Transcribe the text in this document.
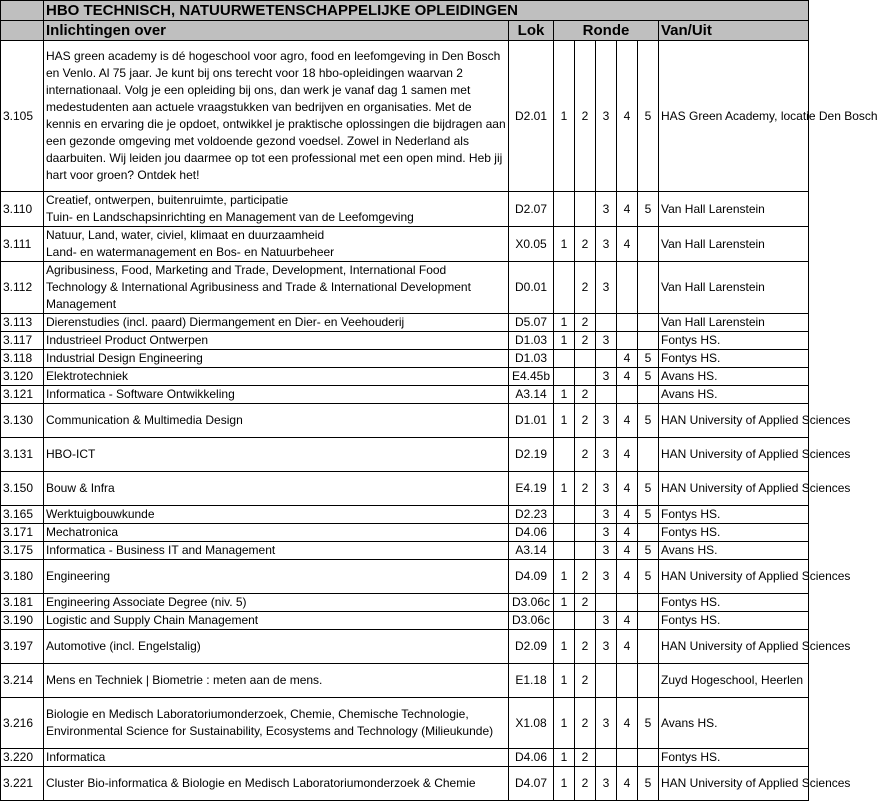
	HBO TECHNISCH, NATUURWETENSCHAPPELIJKE OPLEIDINGEN							
	Inlichtingen over	Lok	Ronde					Van/Uit
3.105	HAS green academy is dé hogeschool voor agro, food en leefomgeving in Den Bosch en Venlo. Al 75 jaar. Je kunt bij ons terecht voor 18 hbo-opleidingen waarvan 2 internationaal. Volg je een opleiding bij ons, dan werk je vanaf dag 1 samen met medestudenten aan actuele vraagstukken van bedrijven en organisaties. Met de kennis en ervaring die je opdoet, ontwikkel je praktische oplossingen die bijdragen aan een gezonde omgeving met voldoende gezond voedsel. Zowel in Nederland als daarbuiten. Wij leiden jou daarmee op tot een professional met een open mind. Heb jij hart voor groen? Ontdek het!	D2.01	1	2	3	4	5	HAS Green Academy, locatie Den Bosch
3.110	Creatief, ontwerpen, buitenruimte, participatie
Tuin- en Landschapsinrichting en Management van de Leefomgeving	D2.07			3	4	5	Van Hall Larenstein
3.111	Natuur, Land, water, civiel, klimaat en duurzaamheid
Land- en watermanagement en Bos- en Natuurbeheer	X0.05	1	2	3	4		Van Hall Larenstein
3.112	Agribusiness, Food, Marketing and Trade, Development, International Food Technology & International Agribusiness and Trade & International Development Management	D0.01		2	3			Van Hall Larenstein
3.113	Dierenstudies (incl. paard) Diermangement en Dier- en Veehouderij	D5.07	1	2				Van Hall Larenstein
3.117	Industrieel Product Ontwerpen	D1.03	1	2	3			Fontys HS.
3.118	Industrial Design Engineering	D1.03				4	5	Fontys HS.
3.120	Elektrotechniek	E4.45b			3	4	5	Avans HS.
3.121	Informatica - Software Ontwikkeling	A3.14	1	2				Avans HS.
3.130	Communication & Multimedia Design	D1.01	1	2	3	4	5	HAN University of Applied Sciences
3.131	HBO-ICT	D2.19		2	3	4		HAN University of Applied Sciences
3.150	Bouw & Infra	E4.19	1	2	3	4	5	HAN University of Applied Sciences
3.165	Werktuigbouwkunde	D2.23			3	4	5	Fontys HS.
3.171	Mechatronica	D4.06			3	4		Fontys HS.
3.175	Informatica - Business IT and Management	A3.14			3	4	5	Avans HS.
3.180	Engineering	D4.09	1	2	3	4	5	HAN University of Applied Sciences
3.181	Engineering Associate Degree (niv. 5)	D3.06c	1	2				Fontys HS.
3.190	Logistic and Supply Chain Management	D3.06c			3	4		Fontys HS.
3.197	Automotive (incl. Engelstalig)	D2.09	1	2	3	4		HAN University of Applied Sciences
3.214	Mens en Techniek | Biometrie : meten aan de mens.	E1.18	1	2				Zuyd Hogeschool, Heerlen
3.216	Biologie en Medisch Laboratoriumonderzoek, Chemie, Chemische Technologie, Environmental Science for Sustainability, Ecosystems and Technology (Milieukunde)	X1.08	1	2	3	4	5	Avans HS.
3.220	Informatica	D4.06	1	2				Fontys HS.
3.221	Cluster Bio-informatica & Biologie en Medisch Laboratoriumonderzoek & Chemie	D4.07	1	2	3	4	5	HAN University of Applied Sciences
